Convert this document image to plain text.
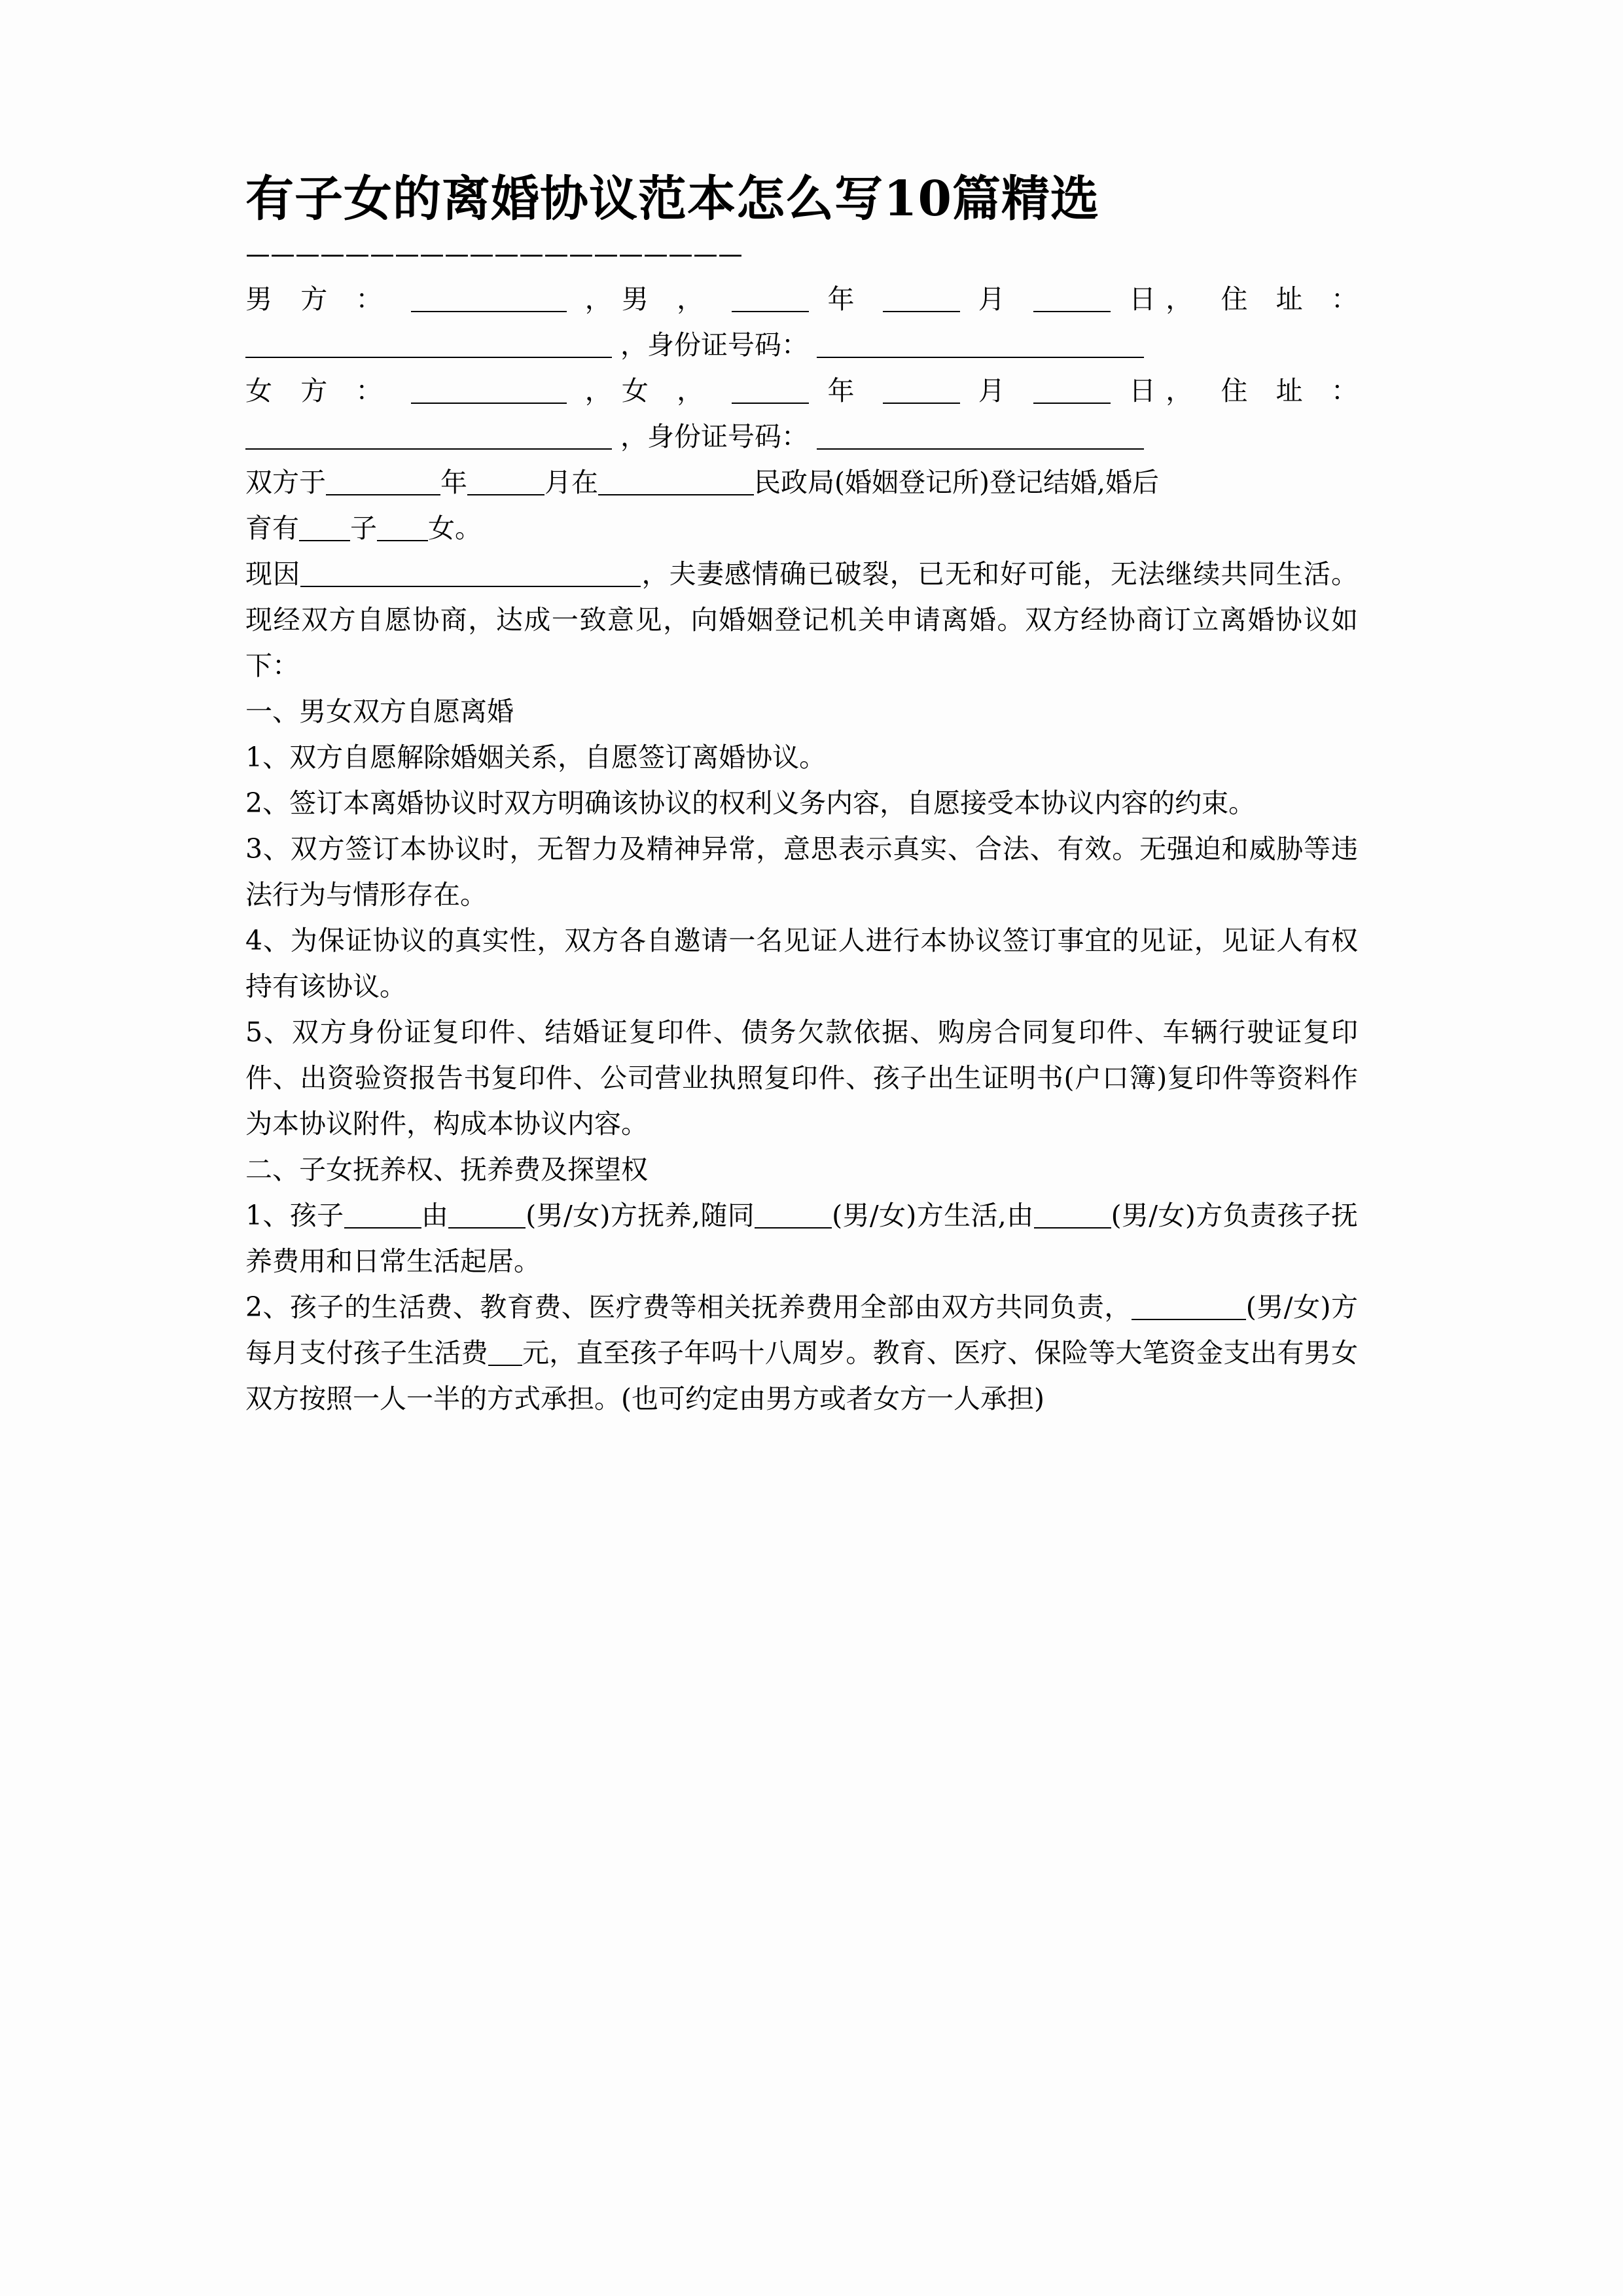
有子女的离婚协议范本怎么写10篇精选
————————————————————

男 方 ：	，男 ，	年	月	日， 住 址 ：

，身份证号码：

女 方 ：	，女 ，	年	月	日， 住 址 ：

，身份证号码：

双方于	年	月在	民政局(婚姻登记所)登记结婚,婚后

育有 子 女。

现因	，夫妻感情确已破裂，已无和好可能，无法继续共同生活。现经双方自愿协商，达成一致意见，向婚姻登记机关申请离婚。双方经协商订立离婚协议如下：

一、男女双方自愿离婚

1、双方自愿解除婚姻关系，自愿签订离婚协议。

2、签订本离婚协议时双方明确该协议的权利义务内容，自愿接受本协议内容的约束。

3、双方签订本协议时，无智力及精神异常，意思表示真实、合法、有效。无强迫和威胁等违法行为与情形存在。

4、为保证协议的真实性，双方各自邀请一名见证人进行本协议签订事宜的见证，见证人有权持有该协议。

5、双方身份证复印件、结婚证复印件、债务欠款依据、购房合同复印件、车辆行驶证复印件、出资验资报告书复印件、公司营业执照复印件、孩子出生证明书(户口簿)复印件等资料作为本协议附件，构成本协议内容。

二、子女抚养权、抚养费及探望权

1、孩子	由	(男/女)方抚养,随同	(男/女)方生活,由	(男/女)方负责孩子抚养费用和日常生活起居。

2、孩子的生活费、教育费、医疗费等相关抚养费用全部由双方共同负责，	(男/女)方每月支付孩子生活费 元，直至孩子年吗十八周岁。教育、医疗、保险等大笔资金支出有男女双方按照一人一半的方式承担。(也可约定由男方或者女方一人承担)
